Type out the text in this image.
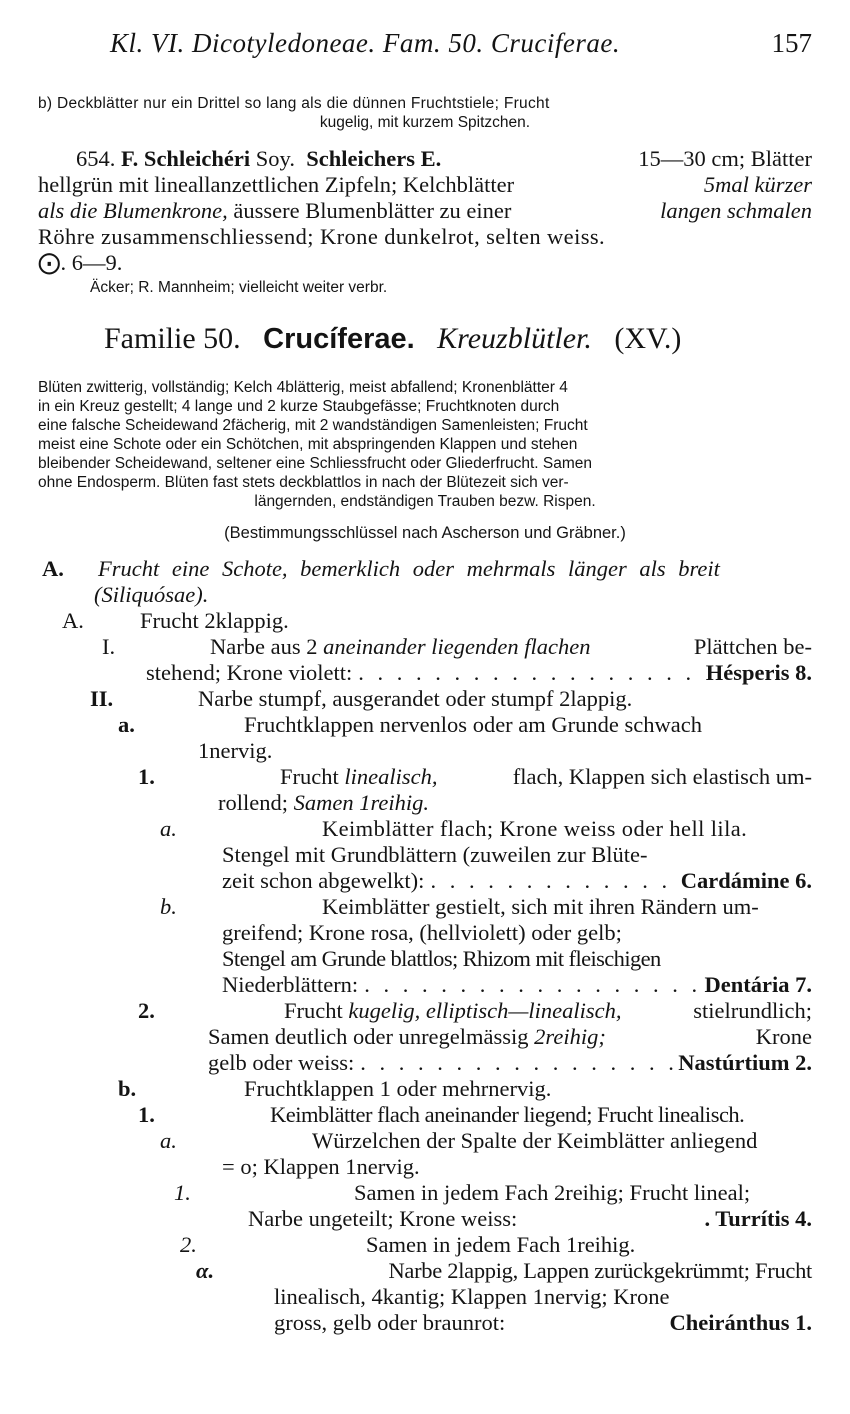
Kl. VI. Dicotyledoneae. Fam. 50. Cruciferae.	157
b) Deckblätter nur ein Drittel so lang als die dünnen Fruchtstiele; Frucht
kugelig, mit kurzem Spitzchen.
654.
F. Schleichéri
Soy.
Schleichers E.
	15—30 cm; Blätter
hellgrün mit lineallanzettlichen Zipfeln; Kelchblätter
	5mal kürzer
als die Blumenkrone,
äussere Blumenblätter zu einer
	langen schmalen
Röhre zusammenschliessend; Krone dunkelrot, selten weiss.
⨀. 6—9.
Äcker; R. Mannheim; vielleicht weiter verbr.
Familie 50. Crucíferae. Kreuzblütler. (XV.)
Blüten zwitterig, vollständig; Kelch 4blätterig, meist abfallend; Kronenblätter 4
in ein Kreuz gestellt; 4 lange und 2 kurze Staubgefässe; Fruchtknoten durch
eine falsche Scheidewand 2fächerig, mit 2 wandständigen Samenleisten; Frucht
meist eine Schote oder ein Schötchen, mit abspringenden Klappen und stehen
bleibender Scheidewand, seltener eine Schliessfrucht oder Gliederfrucht. Samen
ohne Endosperm. Blüten fast stets deckblattlos in nach der Blütezeit sich ver-
längernden, endständigen Trauben bezw. Rispen.
(Bestimmungsschlüssel nach Ascherson und Gräbner.)
A.	Frucht eine Schote, bemerklich oder mehrmals länger als breit
(Siliquósae).
A.	Frucht 2klappig.
I.	Narbe aus 2
aneinander liegenden flachen
	Plättchen be-
stehend; Krone violett: . . .	Hésperis 8.
II.	Narbe stumpf, ausgerandet oder stumpf 2lappig.
a.	Fruchtklappen nervenlos oder am Grunde schwach
1nervig.
1.	Frucht
linealisch,
	flach, Klappen sich elastisch um-
rollend; Samen 1reihig.
a.	Keimblätter flach; Krone weiss oder hell lila.
Stengel mit Grundblättern (zuweilen zur Blüte-
zeit schon abgewelkt): . . .	Cardámine 6.
b.	Keimblätter gestielt, sich mit ihren Rändern um-
greifend; Krone rosa, (hellviolett) oder gelb;
Stengel am Grunde blattlos; Rhizom mit fleischigen
Niederblättern: . . .	Dentária 7.
2.	Frucht
kugelig, elliptisch—linealisch,
	stielrundlich;
Samen deutlich oder unregelmässig
2reihig;
	Krone
gelb oder weiss: . . .	Nastúrtium 2.
b.	Fruchtklappen 1 oder mehrnervig.
1.	Keimblätter flach aneinander liegend; Frucht linealisch.
a.	Würzelchen der Spalte der Keimblätter anliegend
= o; Klappen 1nervig.
1.	Samen in jedem Fach 2reihig; Frucht lineal;
Narbe ungeteilt; Krone weiss:	. Turrítis 4.
2.	Samen in jedem Fach 1reihig.
α.	Narbe 2lappig, Lappen zurückgekrümmt; Frucht
linealisch, 4kantig; Klappen 1nervig; Krone
gross, gelb oder braunrot:	Cheiránthus 1.
